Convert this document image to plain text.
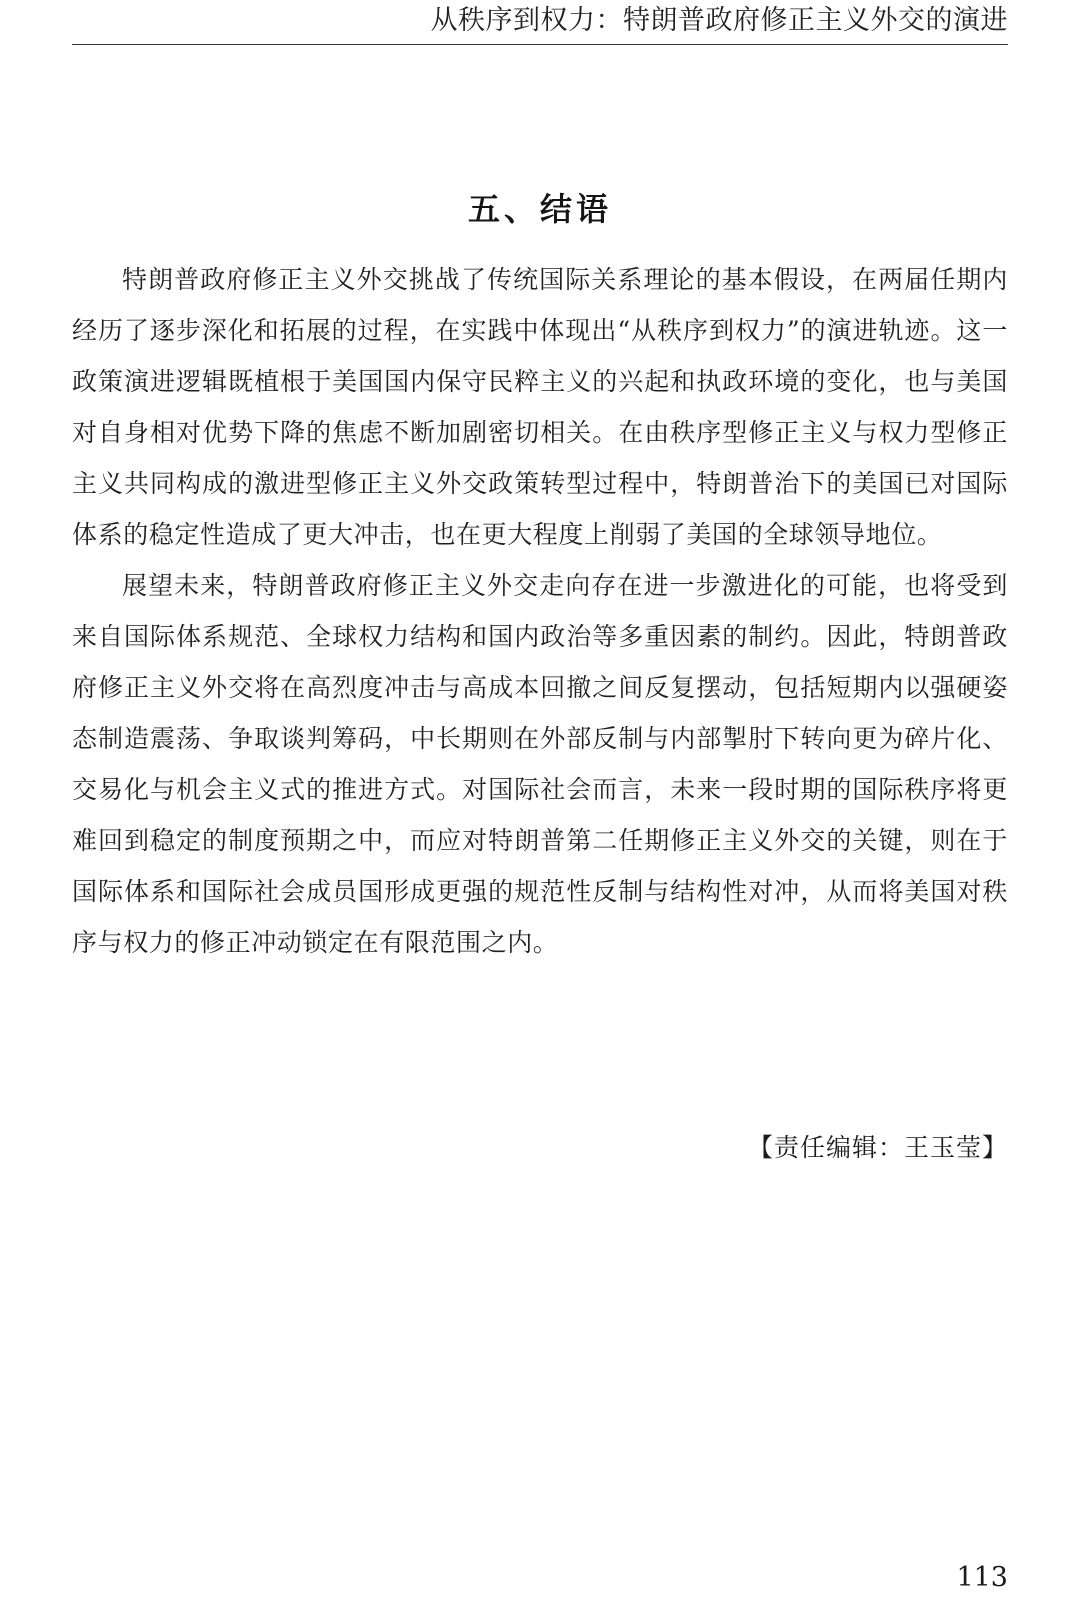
从秩序到权力：特朗普政府修正主义外交的演进
五、结语

特朗普政府修正主义外交挑战了传统国际关系理论的基本假设，在两届任期内经历了逐步深化和拓展的过程，在实践中体现出“从秩序到权力”的演进轨迹。这一政策演进逻辑既植根于美国国内保守民粹主义的兴起和执政环境的变化，也与美国对自身相对优势下降的焦虑不断加剧密切相关。在由秩序型修正主义与权力型修正主义共同构成的激进型修正主义外交政策转型过程中，特朗普治下的美国已对国际体系的稳定性造成了更大冲击，也在更大程度上削弱了美国的全球领导地位。

展望未来，特朗普政府修正主义外交走向存在进一步激进化的可能，也将受到来自国际体系规范、全球权力结构和国内政治等多重因素的制约。因此，特朗普政府修正主义外交将在高烈度冲击与高成本回撤之间反复摆动，包括短期内以强硬姿态制造震荡、争取谈判筹码，中长期则在外部反制与内部掣肘下转向更为碎片化、交易化与机会主义式的推进方式。对国际社会而言，未来一段时期的国际秩序将更难回到稳定的制度预期之中，而应对特朗普第二任期修正主义外交的关键，则在于国际体系和国际社会成员国形成更强的规范性反制与结构性对冲，从而将美国对秩序与权力的修正冲动锁定在有限范围之内。

【责任编辑：王玉莹】
113
